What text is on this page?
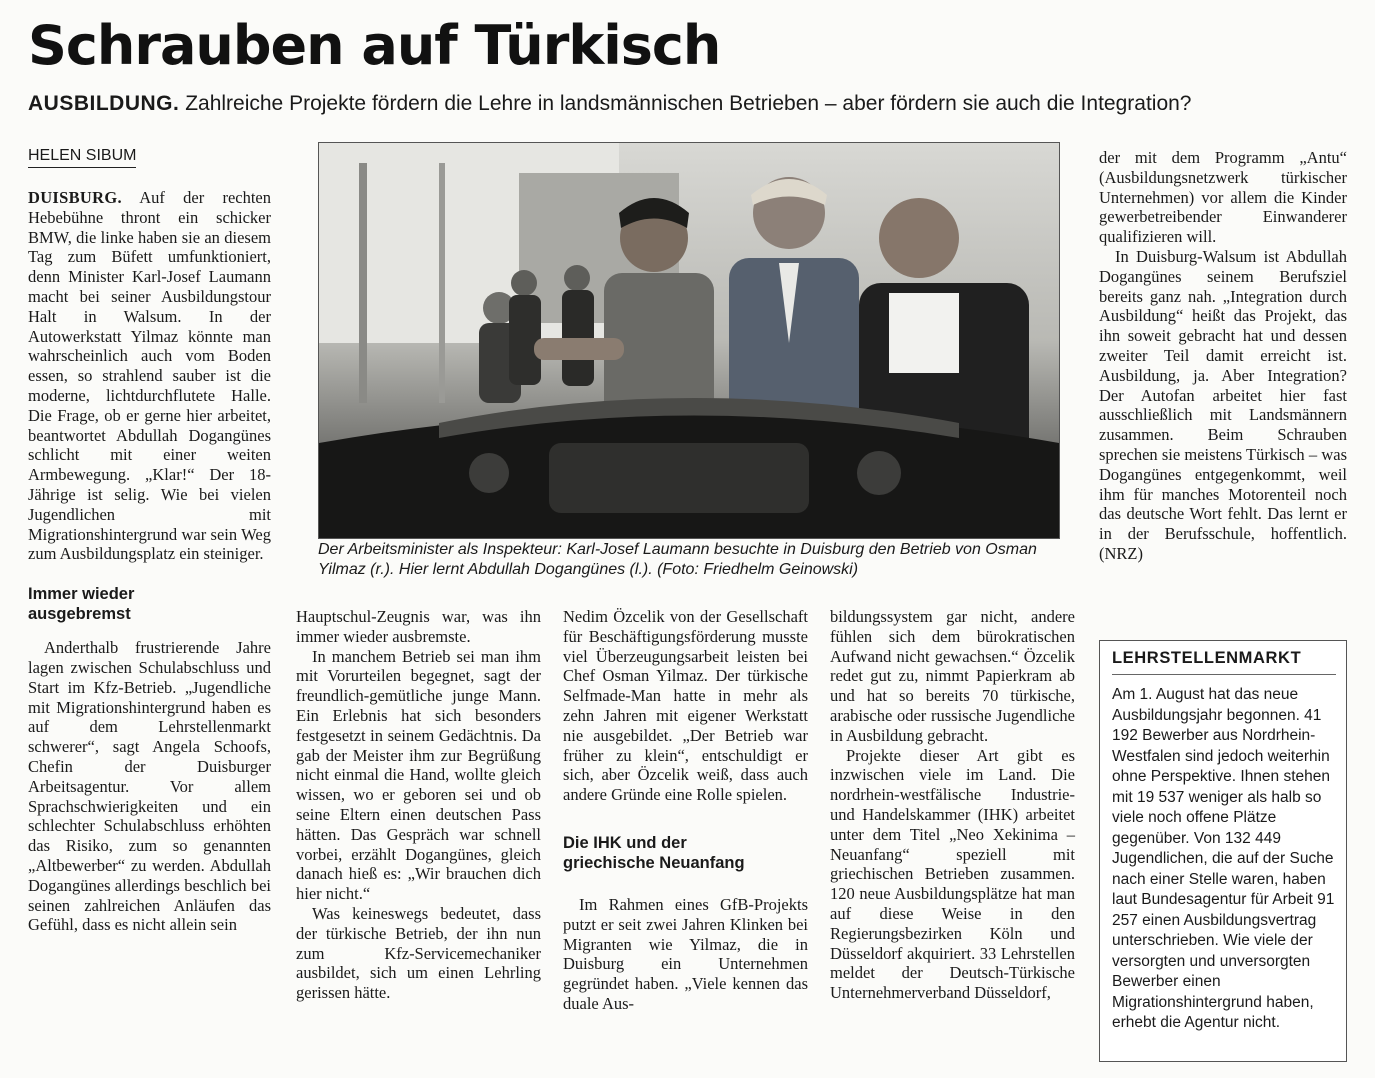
Schrauben auf Türkisch
AUSBILDUNG. Zahlreiche Projekte fördern die Lehre in landsmännischen Betrieben – aber fördern sie auch die Integration?
HELEN SIBUM

DUISBURG. Auf der rechten Hebebühne thront ein schicker BMW, die linke haben sie an diesem Tag zum Büfett umfunktioniert, denn Minister Karl-Josef Laumann macht bei seiner Ausbildungstour Halt in Walsum. In der Autowerkstatt Yilmaz könnte man wahrscheinlich auch vom Boden essen, so strahlend sauber ist die moderne, lichtdurchflutete Halle. Die Frage, ob er gerne hier arbeitet, beantwortet Abdullah Dogangünes schlicht mit einer weiten Armbewegung. „Klar!“ Der 18-Jährige ist selig. Wie bei vielen Jugendlichen mit Migrationshintergrund war sein Weg zum Ausbildungsplatz ein steiniger.

Immer wieder ausgebremst

Anderthalb frustrierende Jahre lagen zwischen Schulabschluss und Start im Kfz-Betrieb. „Jugendliche mit Migrationshintergrund haben es auf dem Lehrstellenmarkt schwerer“, sagt Angela Schoofs, Chefin der Duisburger Arbeitsagentur. Vor allem Sprachschwierigkeiten und ein schlechter Schulabschluss erhöhten das Risiko, zum so genannten „Altbewerber“ zu werden. Abdullah Dogangünes allerdings beschlich bei seinen zahlreichen Anläufen das Gefühl, dass es nicht allein sein

Der Arbeitsminister als Inspekteur: Karl-Josef Laumann besuchte in Duisburg den Betrieb von Osman Yilmaz (r.). Hier lernt Abdullah Dogangünes (l.). (Foto: Friedhelm Geinowski)

Hauptschul-Zeugnis war, was ihn immer wieder ausbremste.

In manchem Betrieb sei man ihm mit Vorurteilen begegnet, sagt der freundlich-gemütliche junge Mann. Ein Erlebnis hat sich besonders festgesetzt in seinem Gedächtnis. Da gab der Meister ihm zur Begrüßung nicht einmal die Hand, wollte gleich wissen, wo er geboren sei und ob seine Eltern einen deutschen Pass hätten. Das Gespräch war schnell vorbei, erzählt Dogangünes, gleich danach hieß es: „Wir brauchen dich hier nicht.“

Was keineswegs bedeutet, dass der türkische Betrieb, der ihn nun zum Kfz-Servicemechaniker ausbildet, sich um einen Lehrling gerissen hätte.

Nedim Özcelik von der Gesellschaft für Beschäftigungsförderung musste viel Überzeugungsarbeit leisten bei Chef Osman Yilmaz. Der türkische Selfmade-Man hatte in mehr als zehn Jahren mit eigener Werkstatt nie ausgebildet. „Der Betrieb war früher zu klein“, entschuldigt er sich, aber Özcelik weiß, dass auch andere Gründe eine Rolle spielen.

Die IHK und der griechische Neuanfang

Im Rahmen eines GfB-Projekts putzt er seit zwei Jahren Klinken bei Migranten wie Yilmaz, die in Duisburg ein Unternehmen gegründet haben. „Viele kennen das duale Aus-

bildungssystem gar nicht, andere fühlen sich dem bürokratischen Aufwand nicht gewachsen.“ Özcelik redet gut zu, nimmt Papierkram ab und hat so bereits 70 türkische, arabische oder russische Jugendliche in Ausbildung gebracht.

Projekte dieser Art gibt es inzwischen viele im Land. Die nordrhein-westfälische Industrie- und Handelskammer (IHK) arbeitet unter dem Titel „Neo Xekinima – Neuanfang“ speziell mit griechischen Betrieben zusammen. 120 neue Ausbildungsplätze hat man auf diese Weise in den Regierungsbezirken Köln und Düsseldorf akquiriert. 33 Lehrstellen meldet der Deutsch-Türkische Unternehmerverband Düsseldorf,

der mit dem Programm „Antu“ (Ausbildungsnetzwerk türkischer Unternehmen) vor allem die Kinder gewerbetreibender Einwanderer qualifizieren will.

In Duisburg-Walsum ist Abdullah Dogangünes seinem Berufsziel bereits ganz nah. „Integration durch Ausbildung“ heißt das Projekt, das ihn soweit gebracht hat und dessen zweiter Teil damit erreicht ist. Ausbildung, ja. Aber Integration? Der Autofan arbeitet hier fast ausschließlich mit Landsmännern zusammen. Beim Schrauben sprechen sie meistens Türkisch – was Dogangünes entgegenkommt, weil ihm für manches Motorenteil noch das deutsche Wort fehlt. Das lernt er in der Berufsschule, hoffentlich. (NRZ)

LEHRSTELLENMARKT

Am 1. August hat das neue Ausbildungsjahr begonnen. 41 192 Bewerber aus Nordrhein-Westfalen sind jedoch weiterhin ohne Perspektive. Ihnen stehen mit 19 537 weniger als halb so viele noch offene Plätze gegenüber. Von 132 449 Jugendlichen, die auf der Suche nach einer Stelle waren, haben laut Bundesagentur für Arbeit 91 257 einen Ausbildungsvertrag unterschrieben. Wie viele der versorgten und unversorgten Bewerber einen Migrationshintergrund haben, erhebt die Agentur nicht.
